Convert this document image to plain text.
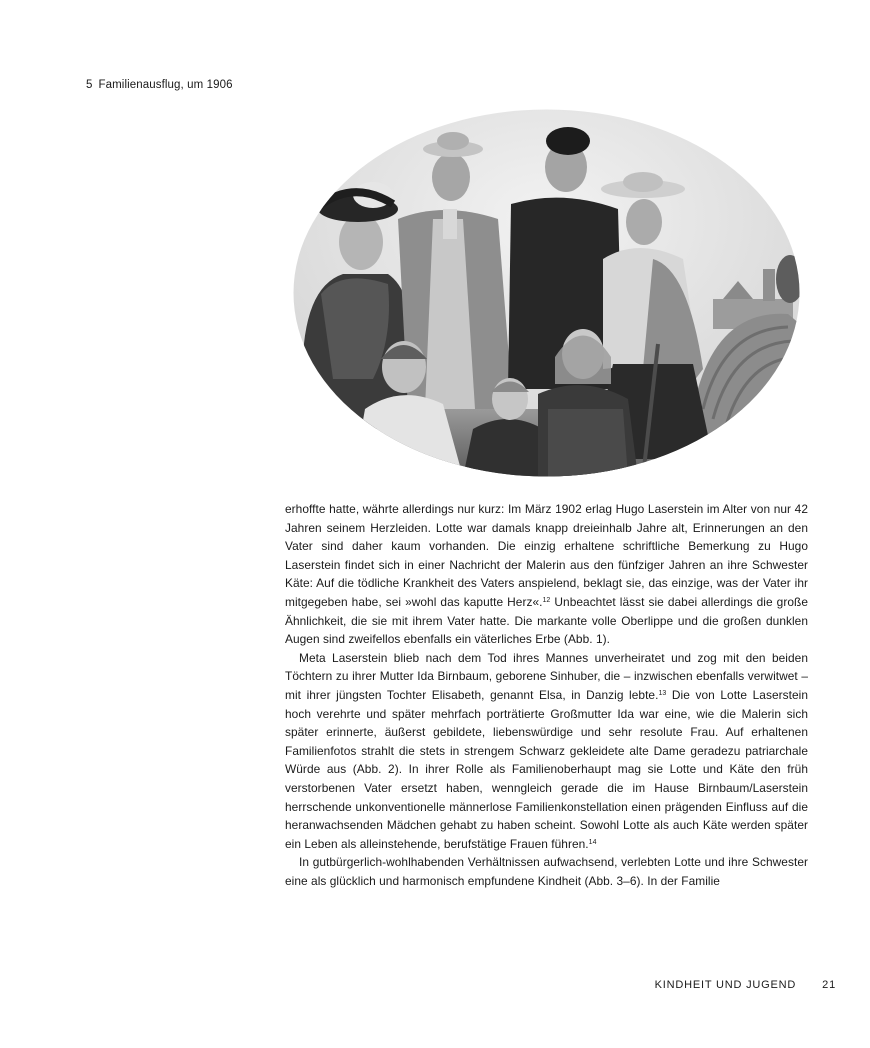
5 Familienausflug, um 1906

erhoffte hatte, währte allerdings nur kurz: Im März 1902 erlag Hugo Laserstein im Alter von nur 42 Jahren seinem Herzleiden. Lotte war damals knapp dreieinhalb Jahre alt, Erinnerungen an den Vater sind daher kaum vorhanden. Die einzig erhaltene schriftliche Bemerkung zu Hugo Laserstein findet sich in einer Nachricht der Malerin aus den fünfziger Jahren an ihre Schwester Käte: Auf die tödliche Krankheit des Vaters anspielend, beklagt sie, das einzige, was der Vater ihr mitgegeben habe, sei »wohl das kaputte Herz«.$^{12}$ Unbeachtet lässt sie dabei allerdings die große Ähnlichkeit, die sie mit ihrem Vater hatte. Die markante volle Oberlippe und die großen dunklen Augen sind zweifellos ebenfalls ein väterliches Erbe (Abb. 1).

Meta Laserstein blieb nach dem Tod ihres Mannes unverheiratet und zog mit den beiden Töchtern zu ihrer Mutter Ida Birnbaum, geborene Sinhuber, die – inzwischen ebenfalls verwitwet – mit ihrer jüngsten Tochter Elisabeth, genannt Elsa, in Danzig lebte.$^{13}$ Die von Lotte Laserstein hoch verehrte und später mehrfach porträtierte Großmutter Ida war eine, wie die Malerin sich später erinnerte, äußerst gebildete, liebenswürdige und sehr resolute Frau. Auf erhaltenen Familienfotos strahlt die stets in strengem Schwarz gekleidete alte Dame geradezu patriarchale Würde aus (Abb. 2). In ihrer Rolle als Familienoberhaupt mag sie Lotte und Käte den früh verstorbenen Vater ersetzt haben, wenngleich gerade die im Hause Birnbaum/Laserstein herrschende unkonventionelle männerlose Familienkonstellation einen prägenden Einfluss auf die heranwachsenden Mädchen gehabt zu haben scheint. Sowohl Lotte als auch Käte werden später ein Leben als alleinstehende, berufstätige Frauen führen.$^{14}$

In gutbürgerlich-wohlhabenden Verhältnissen aufwachsend, verlebten Lotte und ihre Schwester eine als glücklich und harmonisch empfundene Kindheit (Abb. 3–6). In der Familie

KINDHEIT UND JUGEND 21
